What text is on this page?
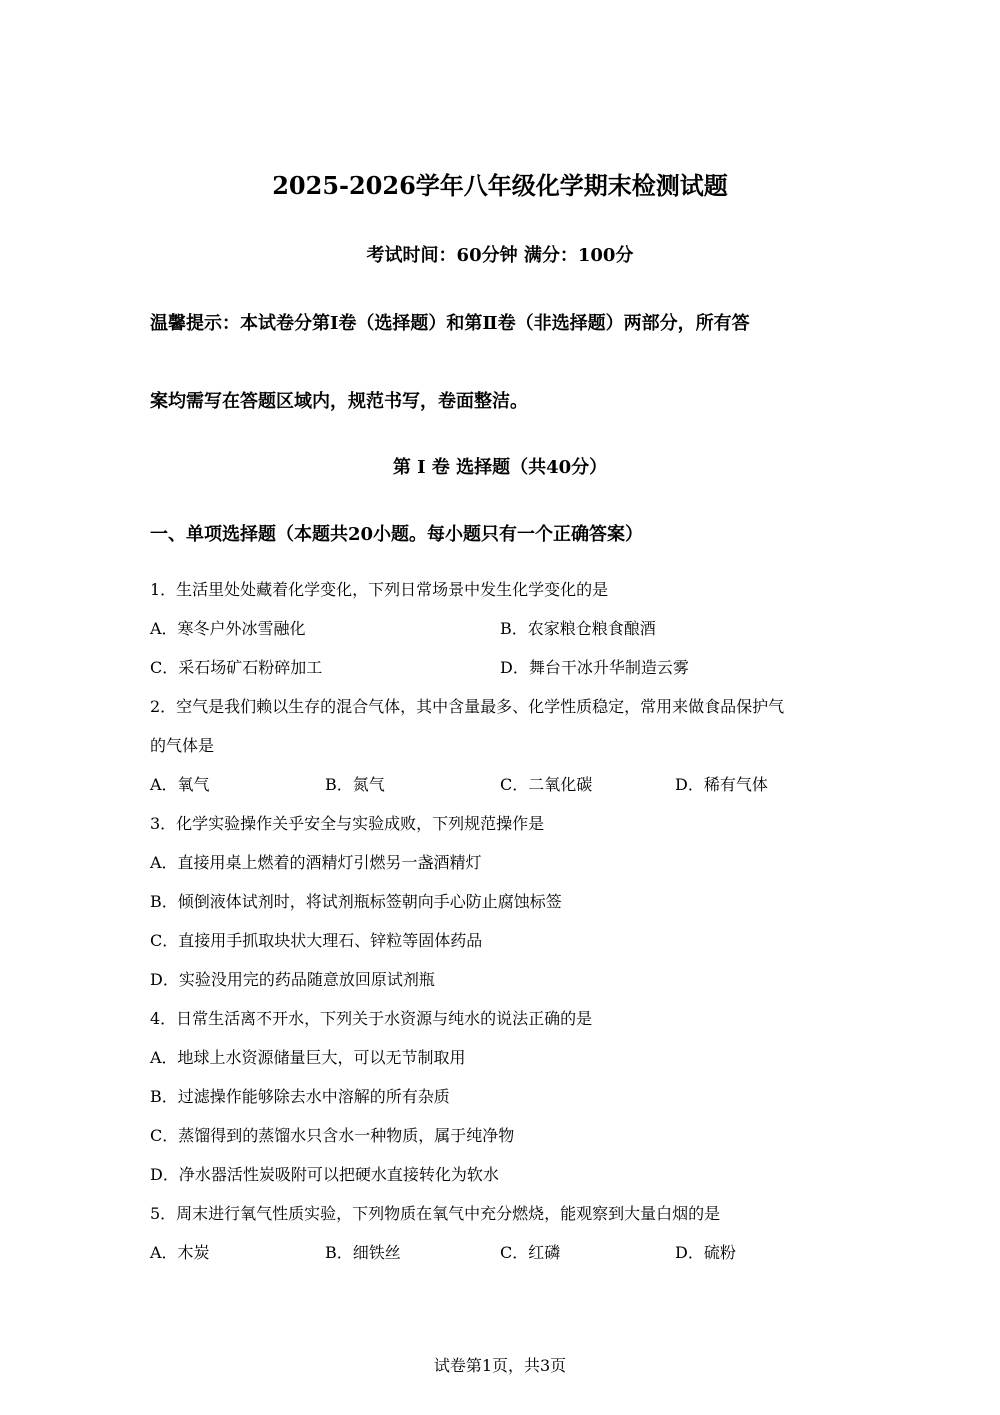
2025-2026学年八年级化学期末检测试题
考试时间：60分钟 满分：100分
温馨提示：本试卷分第Ⅰ卷（选择题）和第Ⅱ卷（非选择题）两部分，所有答
案均需写在答题区域内，规范书写，卷面整洁。
第 Ⅰ 卷 选择题（共40分）
一、单项选择题（本题共20小题。每小题只有一个正确答案）
1．生活里处处藏着化学变化，下列日常场景中发生化学变化的是
A．寒冬户外冰雪融化	B．农家粮仓粮食酿酒
C．采石场矿石粉碎加工	D．舞台干冰升华制造云雾
2．空气是我们赖以生存的混合气体，其中含量最多、化学性质稳定，常用来做食品保护气
的气体是
A．氧气	B．氮气	C．二氧化碳	D．稀有气体
3．化学实验操作关乎安全与实验成败，下列规范操作是
A．直接用桌上燃着的酒精灯引燃另一盏酒精灯
B．倾倒液体试剂时，将试剂瓶标签朝向手心防止腐蚀标签
C．直接用手抓取块状大理石、锌粒等固体药品
D．实验没用完的药品随意放回原试剂瓶
4．日常生活离不开水，下列关于水资源与纯水的说法正确的是
A．地球上水资源储量巨大，可以无节制取用
B．过滤操作能够除去水中溶解的所有杂质
C．蒸馏得到的蒸馏水只含水一种物质，属于纯净物
D．净水器活性炭吸附可以把硬水直接转化为软水
5．周末进行氧气性质实验，下列物质在氧气中充分燃烧，能观察到大量白烟的是
A．木炭	B．细铁丝	C．红磷	D．硫粉
试卷第1页，共3页
